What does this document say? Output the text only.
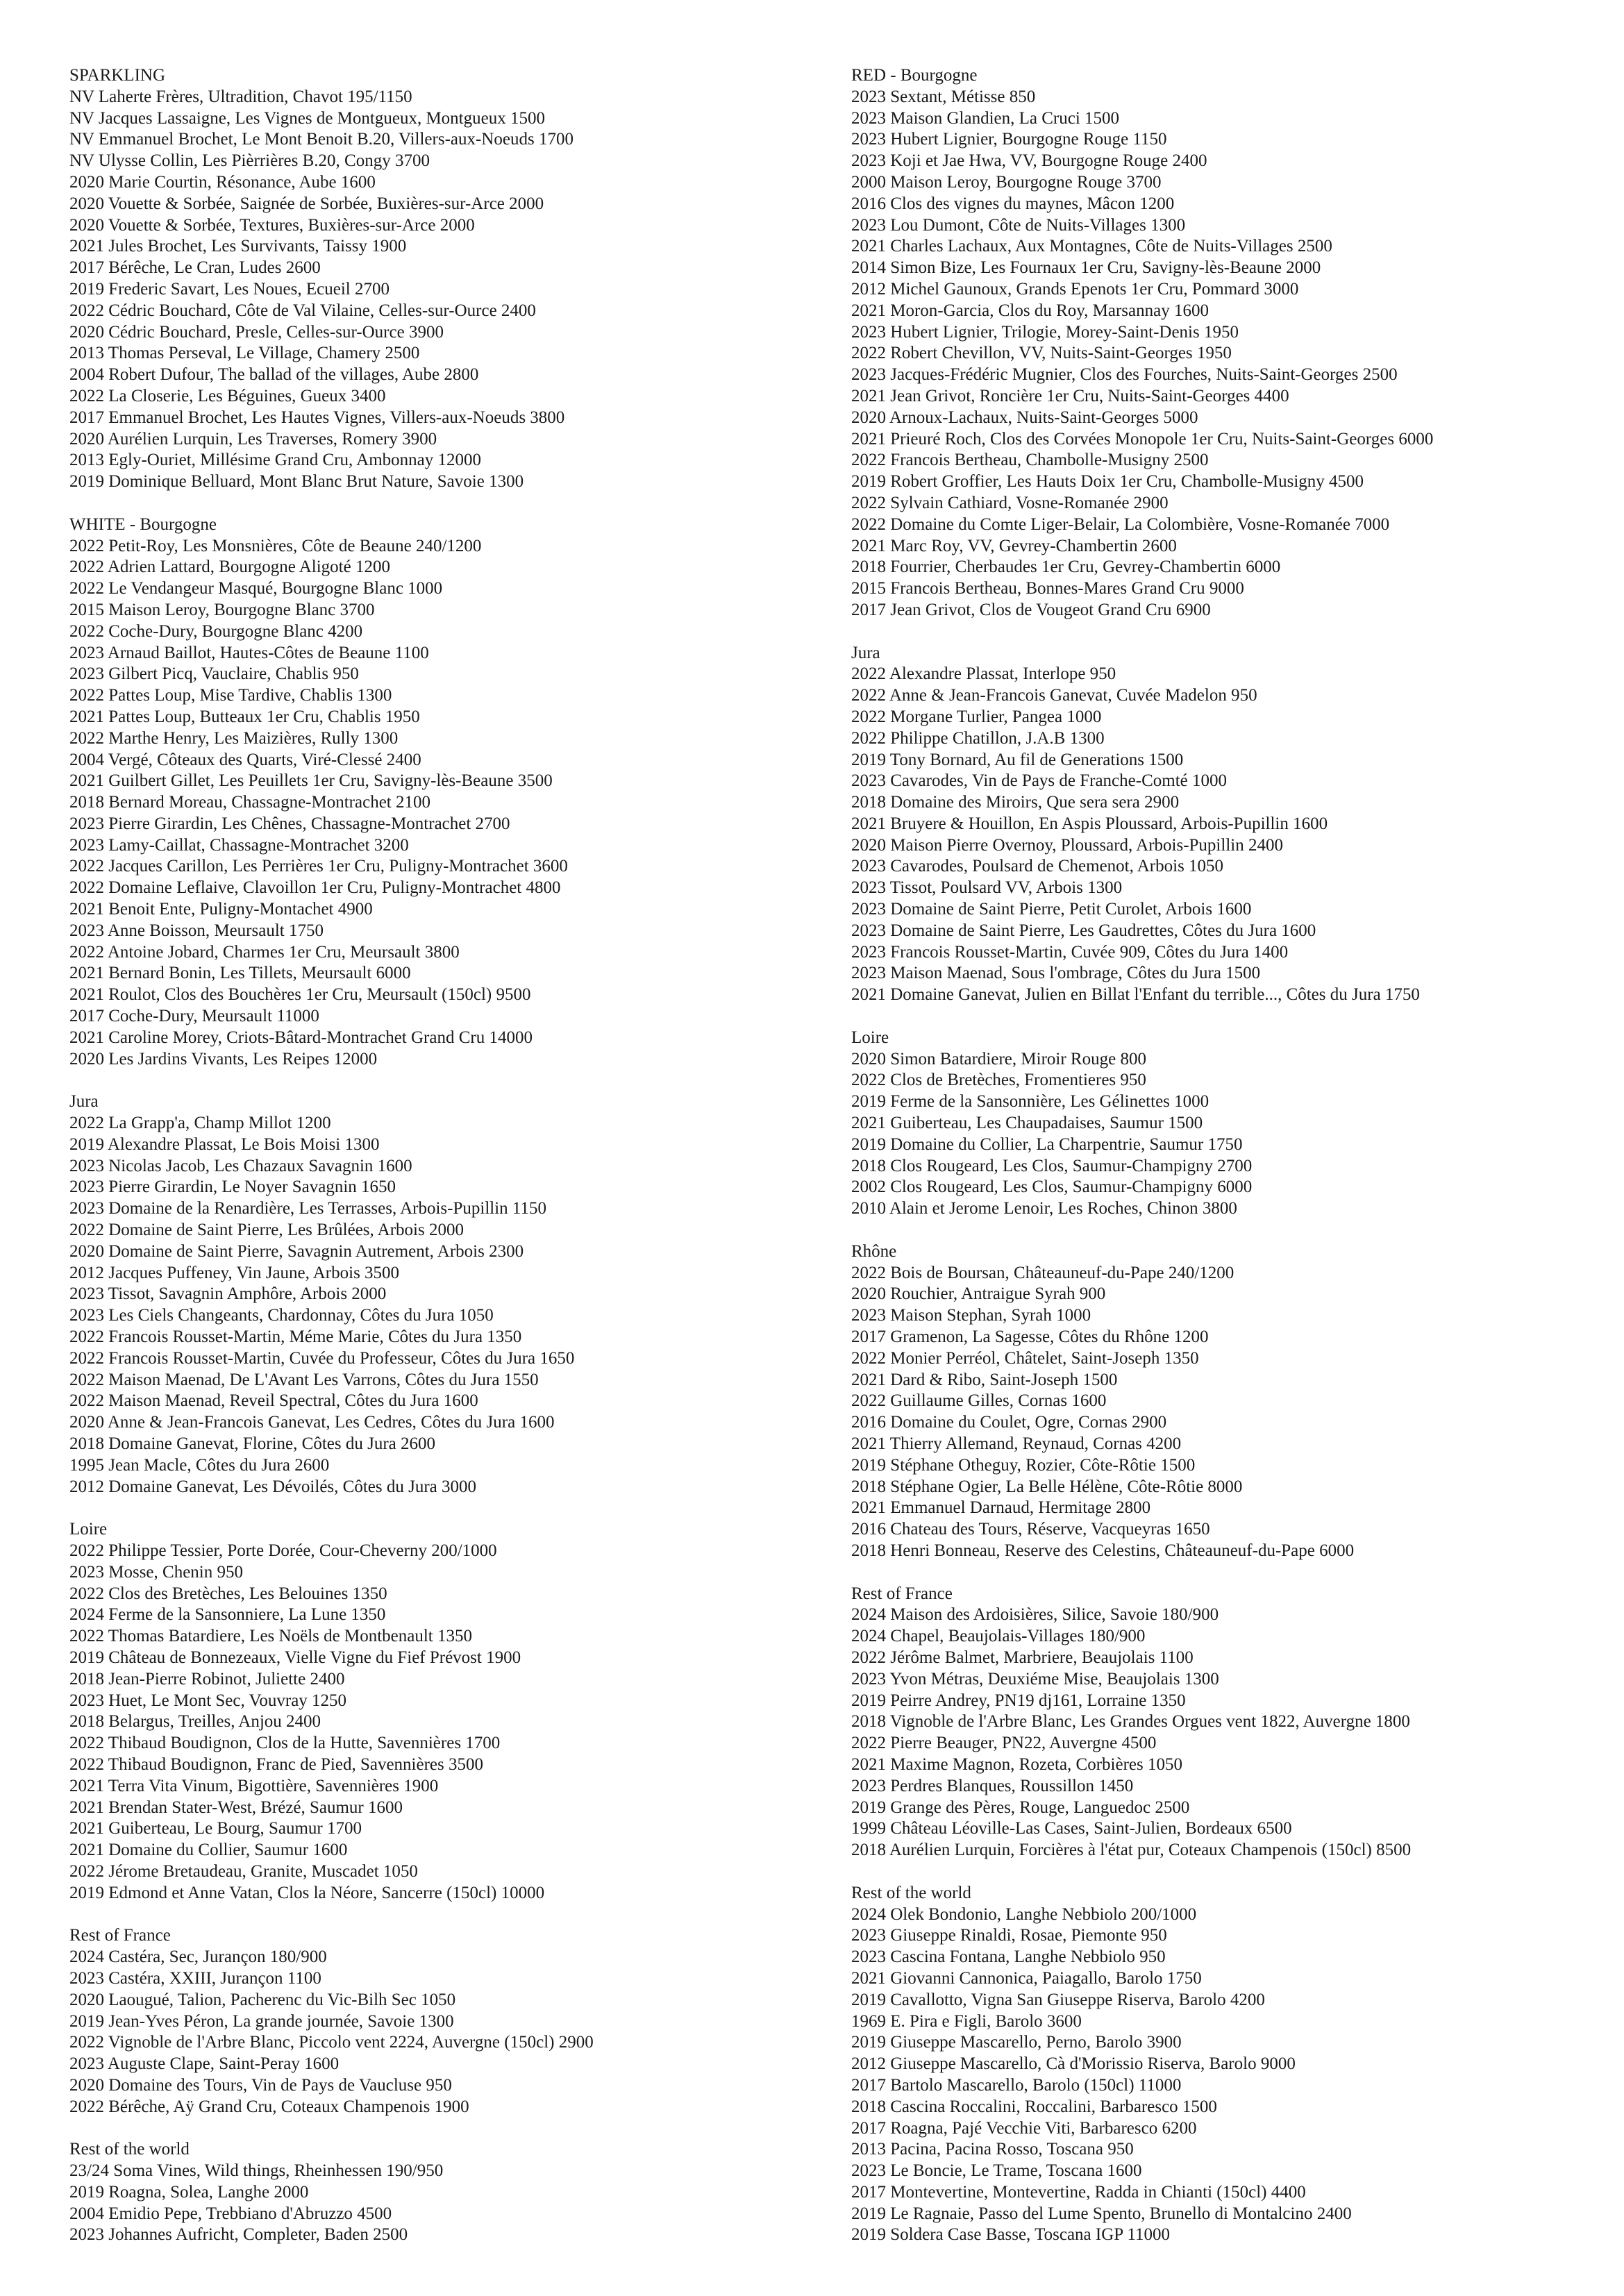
SPARKLING
NV Laherte Frères, Ultradition, Chavot 195/1150
NV Jacques Lassaigne, Les Vignes de Montgueux, Montgueux 1500
NV Emmanuel Brochet, Le Mont Benoit B.20, Villers-aux-Noeuds 1700
NV Ulysse Collin, Les Pièrrières B.20, Congy 3700
2020 Marie Courtin, Résonance, Aube 1600
2020 Vouette & Sorbée, Saignée de Sorbée, Buxières-sur-Arce 2000
2020 Vouette & Sorbée, Textures, Buxières-sur-Arce 2000
2021 Jules Brochet, Les Survivants, Taissy 1900
2017 Bérêche, Le Cran, Ludes 2600
2019 Frederic Savart, Les Noues, Ecueil 2700
2022 Cédric Bouchard, Côte de Val Vilaine, Celles-sur-Ource 2400
2020 Cédric Bouchard, Presle, Celles-sur-Ource 3900
2013 Thomas Perseval, Le Village, Chamery 2500
2004 Robert Dufour, The ballad of the villages, Aube 2800
2022 La Closerie, Les Béguines, Gueux 3400
2017 Emmanuel Brochet, Les Hautes Vignes, Villers-aux-Noeuds 3800
2020 Aurélien Lurquin, Les Traverses, Romery 3900
2013 Egly-Ouriet, Millésime Grand Cru, Ambonnay 12000
2019 Dominique Belluard, Mont Blanc Brut Nature, Savoie 1300
WHITE - Bourgogne
2022 Petit-Roy, Les Monsnières, Côte de Beaune 240/1200
2022 Adrien Lattard, Bourgogne Aligoté 1200
2022 Le Vendangeur Masqué, Bourgogne Blanc 1000
2015 Maison Leroy, Bourgogne Blanc 3700
2022 Coche-Dury, Bourgogne Blanc 4200
2023 Arnaud Baillot, Hautes-Côtes de Beaune 1100
2023 Gilbert Picq, Vauclaire, Chablis 950
2022 Pattes Loup, Mise Tardive, Chablis 1300
2021 Pattes Loup, Butteaux 1er Cru, Chablis 1950
2022 Marthe Henry, Les Maizières, Rully 1300
2004 Vergé, Côteaux des Quarts, Viré-Clessé 2400
2021 Guilbert Gillet, Les Peuillets 1er Cru, Savigny-lès-Beaune 3500
2018 Bernard Moreau, Chassagne-Montrachet 2100
2023 Pierre Girardin, Les Chênes, Chassagne-Montrachet 2700
2023 Lamy-Caillat, Chassagne-Montrachet 3200
2022 Jacques Carillon, Les Perrières 1er Cru, Puligny-Montrachet 3600
2022 Domaine Leflaive, Clavoillon 1er Cru, Puligny-Montrachet 4800
2021 Benoit Ente, Puligny-Montachet 4900
2023 Anne Boisson, Meursault 1750
2022 Antoine Jobard, Charmes 1er Cru, Meursault 3800
2021 Bernard Bonin, Les Tillets, Meursault 6000
2021 Roulot, Clos des Bouchères 1er Cru, Meursault (150cl) 9500
2017 Coche-Dury, Meursault 11000
2021 Caroline Morey, Criots-Bâtard-Montrachet Grand Cru 14000
2020 Les Jardins Vivants, Les Reipes 12000
Jura
2022 La Grapp'a, Champ Millot 1200
2019 Alexandre Plassat, Le Bois Moisi 1300
2023 Nicolas Jacob, Les Chazaux Savagnin 1600
2023 Pierre Girardin, Le Noyer Savagnin 1650
2023 Domaine de la Renardière, Les Terrasses, Arbois-Pupillin 1150
2022 Domaine de Saint Pierre, Les Brûlées, Arbois 2000
2020 Domaine de Saint Pierre, Savagnin Autrement, Arbois 2300
2012 Jacques Puffeney, Vin Jaune, Arbois 3500
2023 Tissot, Savagnin Amphôre, Arbois 2000
2023 Les Ciels Changeants, Chardonnay, Côtes du Jura 1050
2022 Francois Rousset-Martin, Méme Marie, Côtes du Jura 1350
2022 Francois Rousset-Martin, Cuvée du Professeur, Côtes du Jura 1650
2022 Maison Maenad, De L'Avant Les Varrons, Côtes du Jura 1550
2022 Maison Maenad, Reveil Spectral, Côtes du Jura 1600
2020 Anne & Jean-Francois Ganevat, Les Cedres, Côtes du Jura 1600
2018 Domaine Ganevat, Florine, Côtes du Jura 2600
1995 Jean Macle, Côtes du Jura 2600
2012 Domaine Ganevat, Les Dévoilés, Côtes du Jura 3000
Loire
2022 Philippe Tessier, Porte Dorée, Cour-Cheverny 200/1000
2023 Mosse, Chenin 950
2022 Clos des Bretèches, Les Belouines 1350
2024 Ferme de la Sansonniere, La Lune 1350
2022 Thomas Batardiere, Les Noëls de Montbenault 1350
2019 Château de Bonnezeaux, Vielle Vigne du Fief Prévost 1900
2018 Jean-Pierre Robinot, Juliette 2400
2023 Huet, Le Mont Sec, Vouvray 1250
2018 Belargus, Treilles, Anjou 2400
2022 Thibaud Boudignon, Clos de la Hutte, Savennières 1700
2022 Thibaud Boudignon, Franc de Pied, Savennières 3500
2021 Terra Vita Vinum, Bigottière, Savennières 1900
2021 Brendan Stater-West, Brézé, Saumur 1600
2021 Guiberteau, Le Bourg, Saumur 1700
2021 Domaine du Collier, Saumur 1600
2022 Jérome Bretaudeau, Granite, Muscadet 1050
2019 Edmond et Anne Vatan, Clos la Néore, Sancerre (150cl) 10000
Rest of France
2024 Castéra, Sec, Jurançon 180/900
2023 Castéra, XXIII, Jurançon 1100
2020 Laougué, Talion, Pacherenc du Vic-Bilh Sec 1050
2019 Jean-Yves Péron, La grande journée, Savoie 1300
2022 Vignoble de l'Arbre Blanc, Piccolo vent 2224, Auvergne (150cl) 2900
2023 Auguste Clape, Saint-Peray 1600
2020 Domaine des Tours, Vin de Pays de Vaucluse 950
2022 Bérêche, Aÿ Grand Cru, Coteaux Champenois 1900
Rest of the world
23/24 Soma Vines, Wild things, Rheinhessen 190/950
2019 Roagna, Solea, Langhe 2000
2004 Emidio Pepe, Trebbiano d'Abruzzo 4500
2023 Johannes Aufricht, Completer, Baden 2500
RED - Bourgogne
2023 Sextant, Métisse 850
2023 Maison Glandien, La Cruci 1500
2023 Hubert Lignier, Bourgogne Rouge 1150
2023 Koji et Jae Hwa, VV, Bourgogne Rouge 2400
2000 Maison Leroy, Bourgogne Rouge 3700
2016 Clos des vignes du maynes, Mâcon 1200
2023 Lou Dumont, Côte de Nuits-Villages 1300
2021 Charles Lachaux, Aux Montagnes, Côte de Nuits-Villages 2500
2014 Simon Bize, Les Fournaux 1er Cru, Savigny-lès-Beaune 2000
2012 Michel Gaunoux, Grands Epenots 1er Cru, Pommard 3000
2021 Moron-Garcia, Clos du Roy, Marsannay 1600
2023 Hubert Lignier, Trilogie, Morey-Saint-Denis 1950
2022 Robert Chevillon, VV, Nuits-Saint-Georges 1950
2023 Jacques-Frédéric Mugnier, Clos des Fourches, Nuits-Saint-Georges 2500
2021 Jean Grivot, Roncière 1er Cru, Nuits-Saint-Georges 4400
2020 Arnoux-Lachaux, Nuits-Saint-Georges 5000
2021 Prieuré Roch, Clos des Corvées Monopole 1er Cru, Nuits-Saint-Georges 6000
2022 Francois Bertheau, Chambolle-Musigny 2500
2019 Robert Groffier, Les Hauts Doix 1er Cru, Chambolle-Musigny 4500
2022 Sylvain Cathiard, Vosne-Romanée 2900
2022 Domaine du Comte Liger-Belair, La Colombière, Vosne-Romanée 7000
2021 Marc Roy, VV, Gevrey-Chambertin 2600
2018 Fourrier, Cherbaudes 1er Cru, Gevrey-Chambertin 6000
2015 Francois Bertheau, Bonnes-Mares Grand Cru 9000
2017 Jean Grivot, Clos de Vougeot Grand Cru 6900
Jura
2022 Alexandre Plassat, Interlope 950
2022 Anne & Jean-Francois Ganevat, Cuvée Madelon 950
2022 Morgane Turlier, Pangea 1000
2022 Philippe Chatillon, J.A.B 1300
2019 Tony Bornard, Au fil de Generations 1500
2023 Cavarodes, Vin de Pays de Franche-Comté 1000
2018 Domaine des Miroirs, Que sera sera 2900
2021 Bruyere & Houillon, En Aspis Ploussard, Arbois-Pupillin 1600
2020 Maison Pierre Overnoy, Ploussard, Arbois-Pupillin 2400
2023 Cavarodes, Poulsard de Chemenot, Arbois 1050
2023 Tissot, Poulsard VV, Arbois 1300
2023 Domaine de Saint Pierre, Petit Curolet, Arbois 1600
2023 Domaine de Saint Pierre, Les Gaudrettes, Côtes du Jura 1600
2023 Francois Rousset-Martin, Cuvée 909, Côtes du Jura 1400
2023 Maison Maenad, Sous l'ombrage, Côtes du Jura 1500
2021 Domaine Ganevat, Julien en Billat l'Enfant du terrible..., Côtes du Jura 1750
Loire
2020 Simon Batardiere, Miroir Rouge 800
2022 Clos de Bretèches, Fromentieres 950
2019 Ferme de la Sansonnière, Les Gélinettes 1000
2021 Guiberteau, Les Chaupadaises, Saumur 1500
2019 Domaine du Collier, La Charpentrie, Saumur 1750
2018 Clos Rougeard, Les Clos, Saumur-Champigny 2700
2002 Clos Rougeard, Les Clos, Saumur-Champigny 6000
2010 Alain et Jerome Lenoir, Les Roches, Chinon 3800
Rhône
2022 Bois de Boursan, Châteauneuf-du-Pape 240/1200
2020 Rouchier, Antraigue Syrah 900
2023 Maison Stephan, Syrah 1000
2017 Gramenon, La Sagesse, Côtes du Rhône 1200
2022 Monier Perréol, Châtelet, Saint-Joseph 1350
2021 Dard & Ribo, Saint-Joseph 1500
2022 Guillaume Gilles, Cornas 1600
2016 Domaine du Coulet, Ogre, Cornas 2900
2021 Thierry Allemand, Reynaud, Cornas 4200
2019 Stéphane Otheguy, Rozier, Côte-Rôtie 1500
2018 Stéphane Ogier, La Belle Hélène, Côte-Rôtie 8000
2021 Emmanuel Darnaud, Hermitage 2800
2016 Chateau des Tours, Réserve, Vacqueyras 1650
2018 Henri Bonneau, Reserve des Celestins, Châteauneuf-du-Pape 6000
Rest of France
2024 Maison des Ardoisières, Silice, Savoie 180/900
2024 Chapel, Beaujolais-Villages 180/900
2022 Jérôme Balmet, Marbriere, Beaujolais 1100
2023 Yvon Métras, Deuxiéme Mise, Beaujolais 1300
2019 Peirre Andrey, PN19 dj161, Lorraine 1350
2018 Vignoble de l'Arbre Blanc, Les Grandes Orgues vent 1822, Auvergne 1800
2022 Pierre Beauger, PN22, Auvergne 4500
2021 Maxime Magnon, Rozeta, Corbières 1050
2023 Perdres Blanques, Roussillon 1450
2019 Grange des Pères, Rouge, Languedoc 2500
1999 Château Léoville-Las Cases, Saint-Julien, Bordeaux 6500
2018 Aurélien Lurquin, Forcières à l'état pur, Coteaux Champenois (150cl) 8500
Rest of the world
2024 Olek Bondonio, Langhe Nebbiolo 200/1000
2023 Giuseppe Rinaldi, Rosae, Piemonte 950
2023 Cascina Fontana, Langhe Nebbiolo 950
2021 Giovanni Cannonica, Paiagallo, Barolo 1750
2019 Cavallotto, Vigna San Giuseppe Riserva, Barolo 4200
1969 E. Pira e Figli, Barolo 3600
2019 Giuseppe Mascarello, Perno, Barolo 3900
2012 Giuseppe Mascarello, Cà d'Morissio Riserva, Barolo 9000
2017 Bartolo Mascarello, Barolo (150cl) 11000
2018 Cascina Roccalini, Roccalini, Barbaresco 1500
2017 Roagna, Pajé Vecchie Viti, Barbaresco 6200
2013 Pacina, Pacina Rosso, Toscana 950
2023 Le Boncie, Le Trame, Toscana 1600
2017 Montevertine, Montevertine, Radda in Chianti (150cl) 4400
2019 Le Ragnaie, Passo del Lume Spento, Brunello di Montalcino 2400
2019 Soldera Case Basse, Toscana IGP 11000
